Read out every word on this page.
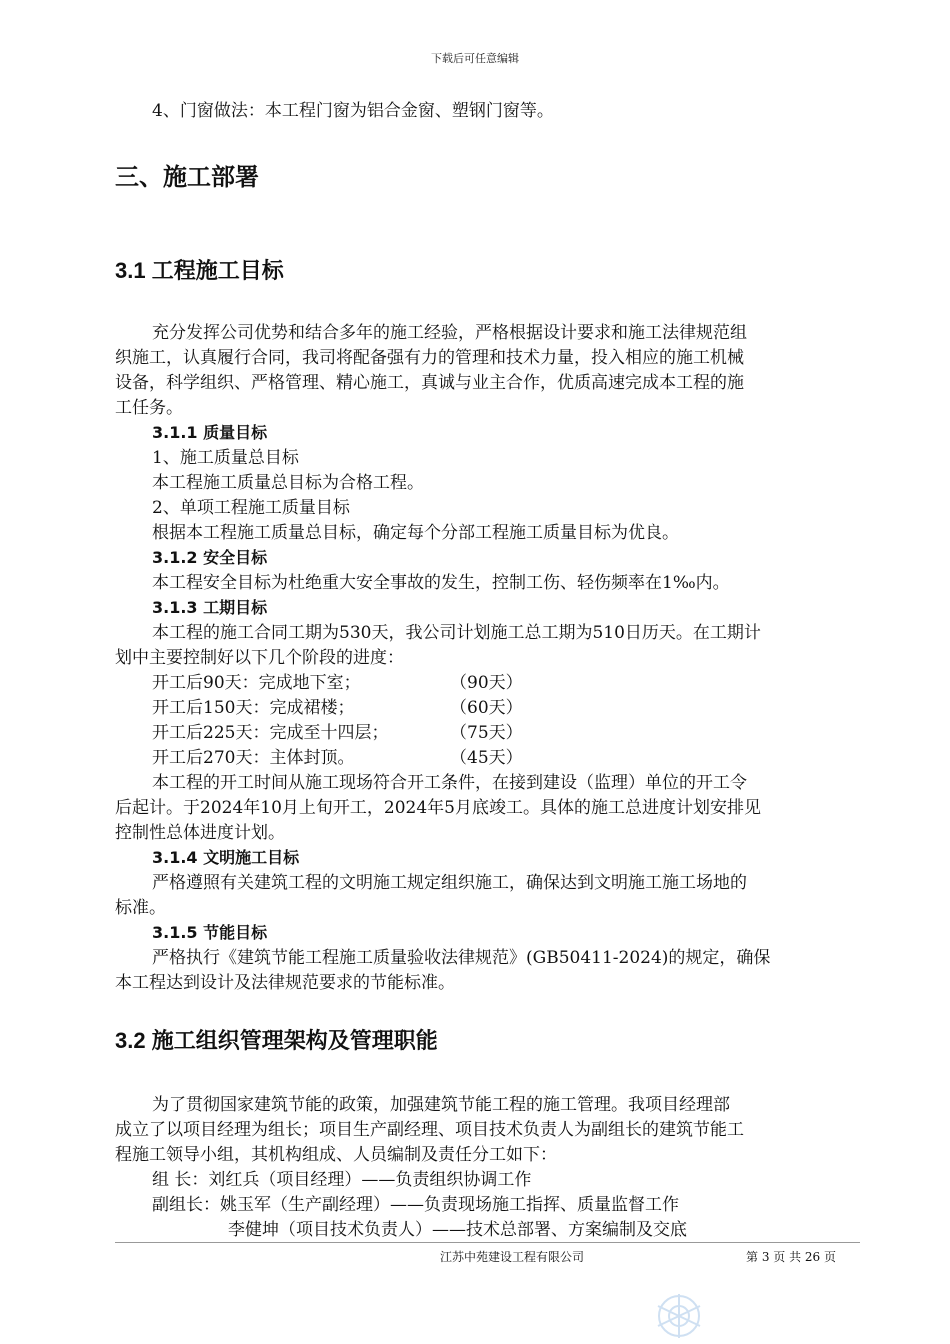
下载后可任意编辑
4、门窗做法：本工程门窗为铝合金窗、塑钢门窗等。
三、施工部署
3.1 工程施工目标
充分发挥公司优势和结合多年的施工经验，严格根据设计要求和施工法律规范组
织施工，认真履行合同，我司将配备强有力的管理和技术力量，投入相应的施工机械
设备，科学组织、严格管理、精心施工，真诚与业主合作，优质高速完成本工程的施
工任务。
3.1.1 质量目标
1、施工质量总目标
本工程施工质量总目标为合格工程。
2、单项工程施工质量目标
根据本工程施工质量总目标，确定每个分部工程施工质量目标为优良。
3.1.2 安全目标
本工程安全目标为杜绝重大安全事故的发生，控制工伤、轻伤频率在1‰内。
3.1.3 工期目标
本工程的施工合同工期为530天，我公司计划施工总工期为510日历天。在工期计
划中主要控制好以下几个阶段的进度：
开工后90天：完成地下室；	（90天）
开工后150天：完成裙楼；	（60天）
开工后225天：完成至十四层；	（75天）
开工后270天：主体封顶。	（45天）
本工程的开工时间从施工现场符合开工条件，在接到建设（监理）单位的开工令
后起计。于2024年10月上旬开工，2024年5月底竣工。具体的施工总进度计划安排见
控制性总体进度计划。
3.1.4 文明施工目标
严格遵照有关建筑工程的文明施工规定组织施工，确保达到文明施工施工场地的
标准。
3.1.5 节能目标
严格执行《建筑节能工程施工质量验收法律规范》(GB50411-2024)的规定，确保
本工程达到设计及法律规范要求的节能标准。
3.2 施工组织管理架构及管理职能
为了贯彻国家建筑节能的政策，加强建筑节能工程的施工管理。我项目经理部
成立了以项目经理为组长；项目生产副经理、项目技术负责人为副组长的建筑节能工
程施工领导小组，其机构组成、人员编制及责任分工如下：
组 长：刘红兵（项目经理）——负责组织协调工作
副组长：姚玉军（生产副经理）——负责现场施工指挥、质量监督工作
李健坤（项目技术负责人）——技术总部署、方案编制及交底
江苏中苑建设工程有限公司	第 3 页 共 26 页
